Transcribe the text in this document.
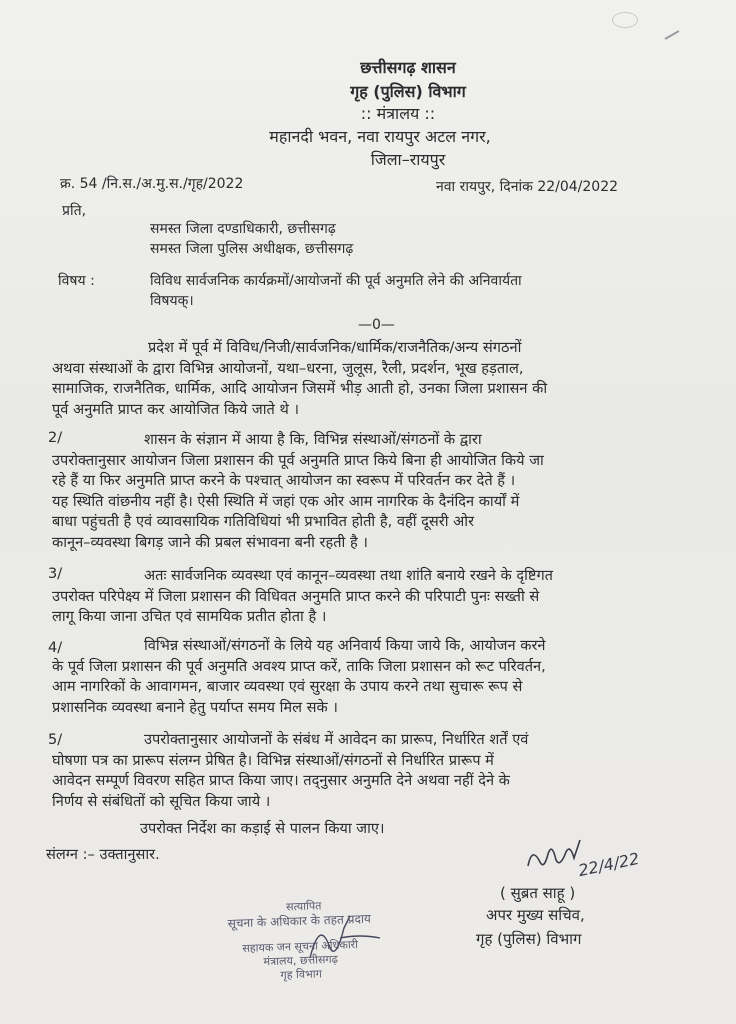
छत्तीसगढ़ शासन
गृह (पुलिस) विभाग
:: मंत्रालय ::
महानदी भवन, नवा रायपुर अटल नगर,
जिला–रायपुर
क्र. 54 /नि.स./अ.मु.स./गृह/2022	नवा रायपुर, दिनांक 22/04/2022
प्रति,
समस्त जिला दण्डाधिकारी, छत्तीसगढ़
समस्त जिला पुलिस अधीक्षक, छत्तीसगढ़
विषय :	विविध सार्वजनिक कार्यक्रमों/आयोजनों की पूर्व अनुमति लेने की अनिवार्यता
विषयक्।
—0—
प्रदेश में पूर्व में विविध/निजी/सार्वजनिक/धार्मिक/राजनैतिक/अन्य संगठनों
अथवा संस्थाओं के द्वारा विभिन्न आयोजनों, यथा–धरना, जुलूस, रैली, प्रदर्शन, भूख हड़ताल,
सामाजिक, राजनैतिक, धार्मिक, आदि आयोजन जिसमें भीड़ आती हो, उनका जिला प्रशासन की
पूर्व अनुमति प्राप्त कर आयोजित किये जाते थे ।
2/	शासन के संज्ञान में आया है कि, विभिन्न संस्थाओं/संगठनों के द्वारा
उपरोक्तानुसार आयोजन जिला प्रशासन की पूर्व अनुमति प्राप्त किये बिना ही आयोजित किये जा
रहे हैं या फिर अनुमति प्राप्त करने के पश्चात् आयोजन का स्वरूप में परिवर्तन कर देते हैं ।
यह स्थिति वांछनीय नहीं है। ऐसी स्थिति में जहां एक ओर आम नागरिक के दैनंदिन कार्यों में
बाधा पहुंचती है एवं व्यावसायिक गतिविधियां भी प्रभावित होती है, वहीं दूसरी ओर
कानून–व्यवस्था बिगड़ जाने की प्रबल संभावना बनी रहती है ।
3/	अतः सार्वजनिक व्यवस्था एवं कानून–व्यवस्था तथा शांति बनाये रखने के दृष्टिगत
उपरोक्त परिपेक्ष्य में जिला प्रशासन की विधिवत अनुमति प्राप्त करने की परिपाटी पुनः सख्ती से
लागू किया जाना उचित एवं सामयिक प्रतीत होता है ।
4/	विभिन्न संस्थाओं/संगठनों के लिये यह अनिवार्य किया जाये कि, आयोजन करने
के पूर्व जिला प्रशासन की पूर्व अनुमति अवश्य प्राप्त करें, ताकि जिला प्रशासन को रूट परिवर्तन,
आम नागरिकों के आवागमन, बाजार व्यवस्था एवं सुरक्षा के उपाय करने तथा सुचारू रूप से
प्रशासनिक व्यवस्था बनाने हेतु पर्याप्त समय मिल सके ।
5/	उपरोक्तानुसार आयोजनों के संबंध में आवेदन का प्रारूप, निर्धारित शर्तें एवं
घोषणा पत्र का प्रारूप संलग्न प्रेषित है। विभिन्न संस्थाओं/संगठनों से निर्धारित प्रारूप में
आवेदन सम्पूर्ण विवरण सहित प्राप्त किया जाए। तद्नुसार अनुमति देने अथवा नहीं देने के
निर्णय से संबंधितों को सूचित किया जाये ।
उपरोक्त निर्देश का कड़ाई से पालन किया जाए।
संलग्न :– उक्तानुसार.	22/4/22
( सुब्रत साहू )
अपर मुख्य सचिव,
गृह (पुलिस) विभाग
सत्यापित
सूचना के अधिकार के तहत प्रदाय
सहायक जन सूचना अधिकारी
मंत्रालय, छत्तीसगढ़
गृह विभाग
